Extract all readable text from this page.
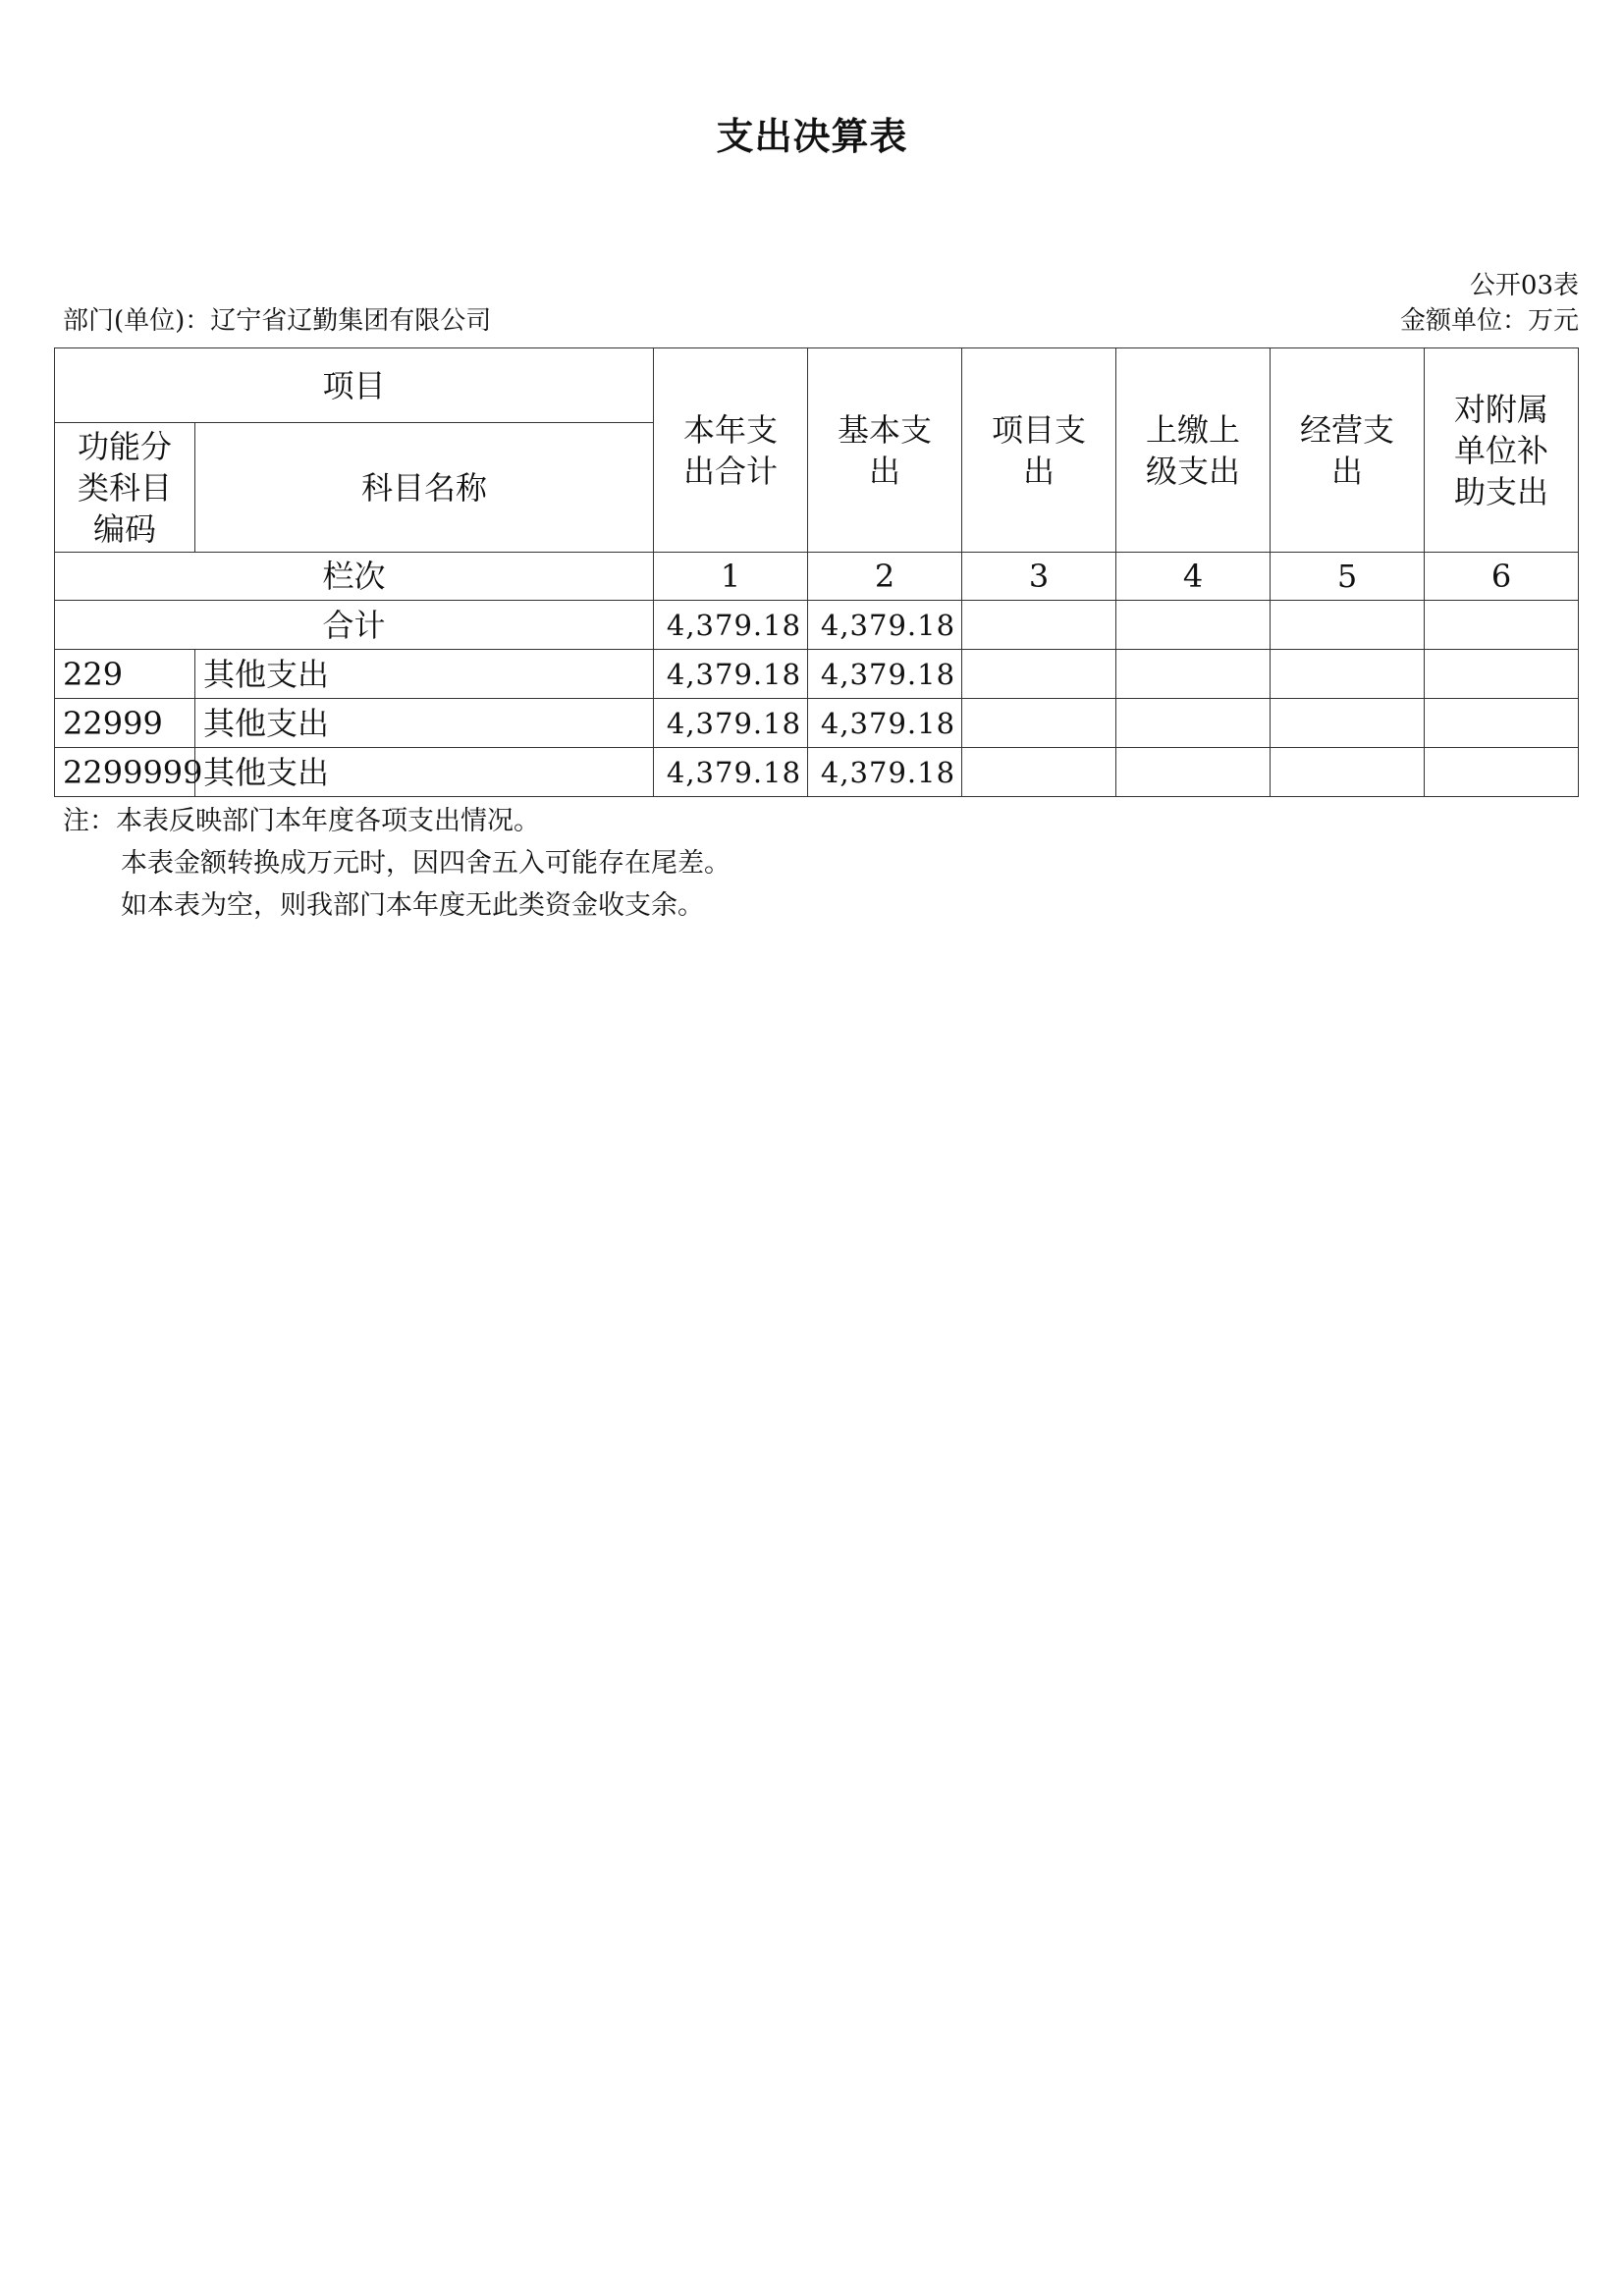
支出决算表
公开03表
部门(单位)：辽宁省辽勤集团有限公司	金额单位：万元
项目		本年支出合计	基本支出	项目支出	上缴上级支出	经营支出	对附属单位补助支出

功能分类科目编码	科目名称						
栏次		1	2	3	4	5	6
合计		4,379.18	4,379.18				
229	其他支出	4,379.18	4,379.18				
22999	其他支出	4,379.18	4,379.18				
2299999	其他支出	4,379.18	4,379.18				
注：本表反映部门本年度各项支出情况。
本表金额转换成万元时，因四舍五入可能存在尾差。
如本表为空，则我部门本年度无此类资金收支余。
